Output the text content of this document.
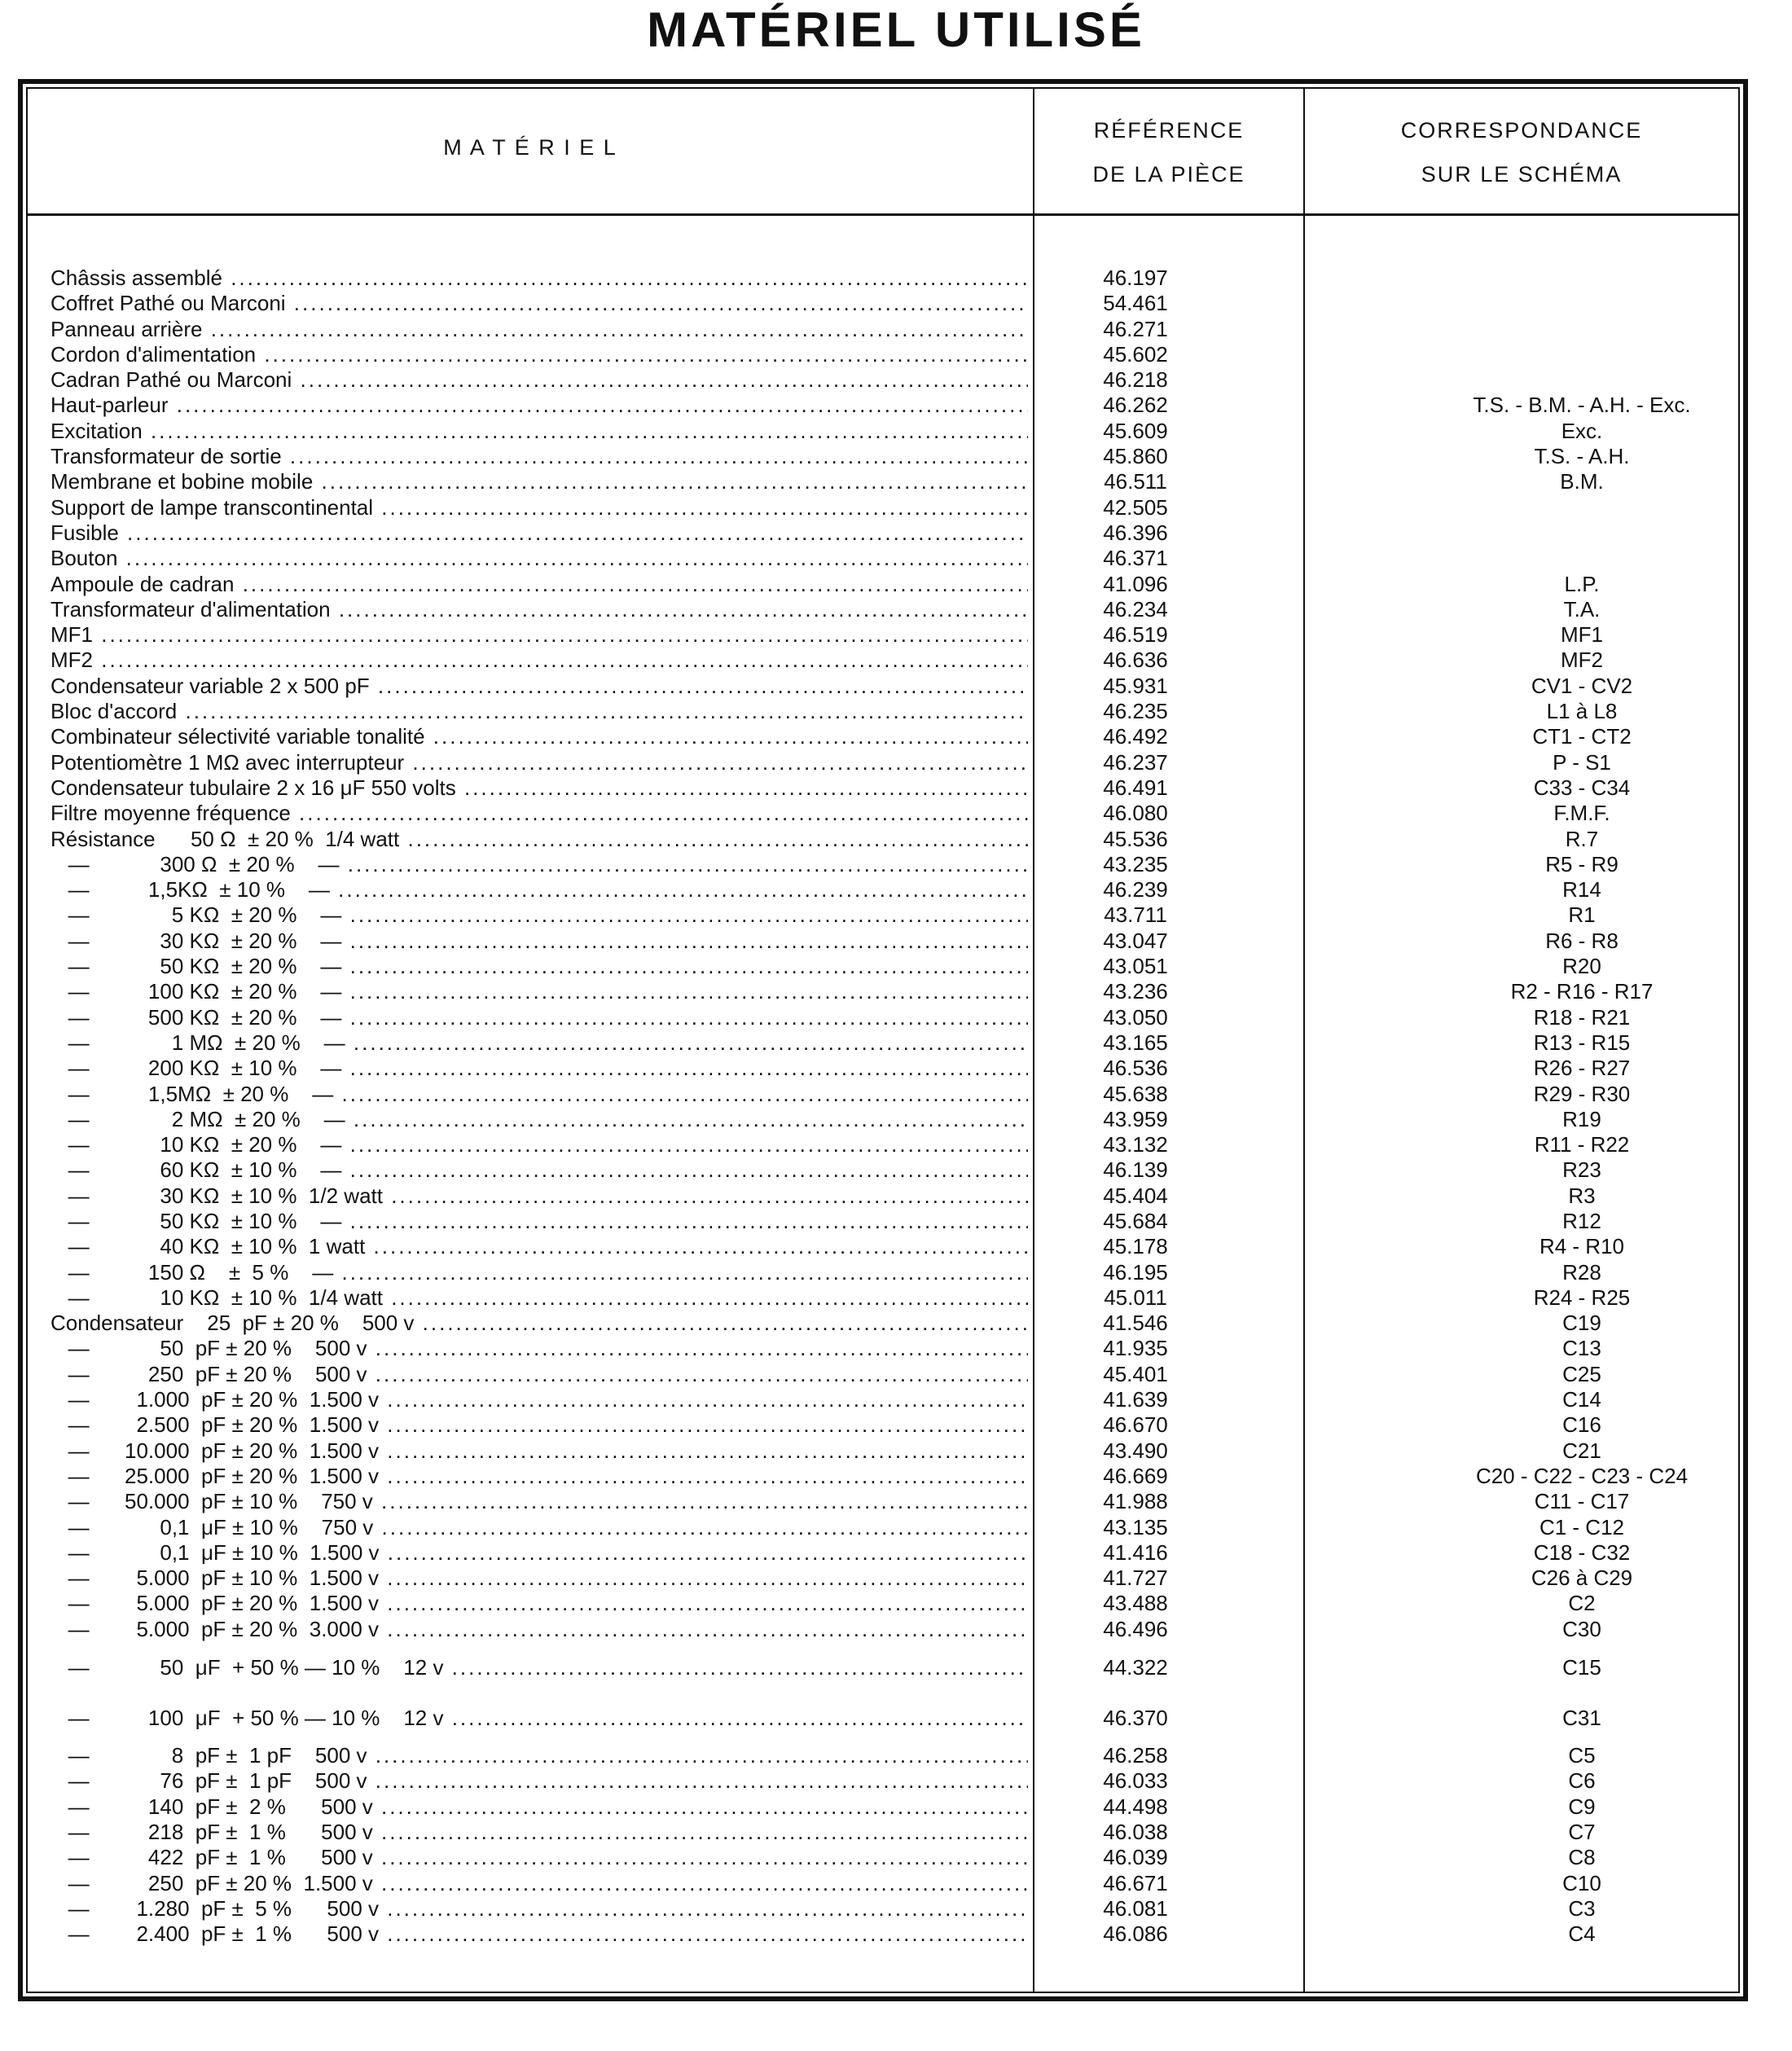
MATÉRIEL UTILISÉ
M A T É R I E L
RÉFÉRENCE
DE LA PIÈCE
CORRESPONDANCE
SUR LE SCHÉMA
Châssis assemblé .....	46.197
Coffret Pathé ou Marconi .....	54.461
Panneau arrière .....	46.271
Cordon d'alimentation .....	45.602
Cadran Pathé ou Marconi .....	46.218
Haut-parleur .....	46.262	T.S. - B.M. - A.H. - Exc.
Excitation .....	45.609	Exc.
Transformateur de sortie .....	45.860	T.S. - A.H.
Membrane et bobine mobile .....	46.511	B.M.
Support de lampe transcontinental .....	42.505
Fusible .....	46.396
Bouton .....	46.371
Ampoule de cadran .....	41.096	L.P.
Transformateur d'alimentation .....	46.234	T.A.
MF1 .....	46.519	MF1
MF2 .....	46.636	MF2
Condensateur variable 2 x 500 pF .....	45.931	CV1 - CV2
Bloc d'accord .....	46.235	L1 à L8
Combinateur sélectivité variable tonalité .....	46.492	CT1 - CT2
Potentiomètre 1 MΩ avec interrupteur .....	46.237	P - S1
Condensateur tubulaire 2 x 16 μF 550 volts .....	46.491	C33 - C34
Filtre moyenne fréquence .....	46.080	F.M.F.
Résistance      50 Ω  ± 20 %  1/4 watt .....	45.536	R.7
—            300 Ω  ± 20 %    — .....	43.235	R5 - R9
—          1,5KΩ  ± 10 %    — .....	46.239	R14
—              5 KΩ  ± 20 %    — .....	43.711	R1
—            30 KΩ  ± 20 %    — .....	43.047	R6 - R8
—            50 KΩ  ± 20 %    — .....	43.051	R20
—          100 KΩ  ± 20 %    — .....	43.236	R2 - R16 - R17
—          500 KΩ  ± 20 %    — .....	43.050	R18 - R21
—              1 MΩ  ± 20 %    — .....	43.165	R13 - R15
—          200 KΩ  ± 10 %    — .....	46.536	R26 - R27
—          1,5MΩ  ± 20 %    — .....	45.638	R29 - R30
—              2 MΩ  ± 20 %    — .....	43.959	R19
—            10 KΩ  ± 20 %    — .....	43.132	R11 - R22
—            60 KΩ  ± 10 %    — .....	46.139	R23
—            30 KΩ  ± 10 %  1/2 watt .....	45.404	R3
—            50 KΩ  ± 10 %    — .....	45.684	R12
—            40 KΩ  ± 10 %  1 watt .....	45.178	R4 - R10
—          150 Ω    ±  5 %    — .....	46.195	R28
—            10 KΩ  ± 10 %  1/4 watt .....	45.011	R24 - R25
Condensateur    25  pF ± 20 %    500 v .....	41.546	C19
—            50  pF ± 20 %    500 v .....	41.935	C13
—          250  pF ± 20 %    500 v .....	45.401	C25
—        1.000  pF ± 20 %  1.500 v .....	41.639	C14
—        2.500  pF ± 20 %  1.500 v .....	46.670	C16
—      10.000  pF ± 20 %  1.500 v .....	43.490	C21
—      25.000  pF ± 20 %  1.500 v .....	46.669	C20 - C22 - C23 - C24
—      50.000  pF ± 10 %    750 v .....	41.988	C11 - C17
—            0,1  μF ± 10 %    750 v .....	43.135	C1 - C12
—            0,1  μF ± 10 %  1.500 v .....	41.416	C18 - C32
—        5.000  pF ± 10 %  1.500 v .....	41.727	C26 à C29
—        5.000  pF ± 20 %  1.500 v .....	43.488	C2
—        5.000  pF ± 20 %  3.000 v .....	46.496	C30
—            50  μF  + 50 % — 10 %    12 v .....	44.322	C15
—          100  μF  + 50 % — 10 %    12 v .....	46.370	C31
—              8  pF ±  1 pF    500 v .....	46.258	C5
—            76  pF ±  1 pF    500 v .....	46.033	C6
—          140  pF ±  2 %      500 v .....	44.498	C9
—          218  pF ±  1 %      500 v .....	46.038	C7
—          422  pF ±  1 %      500 v .....	46.039	C8
—          250  pF ± 20 %  1.500 v .....	46.671	C10
—        1.280  pF ±  5 %      500 v .....	46.081	C3
—        2.400  pF ±  1 %      500 v .....	46.086	C4
